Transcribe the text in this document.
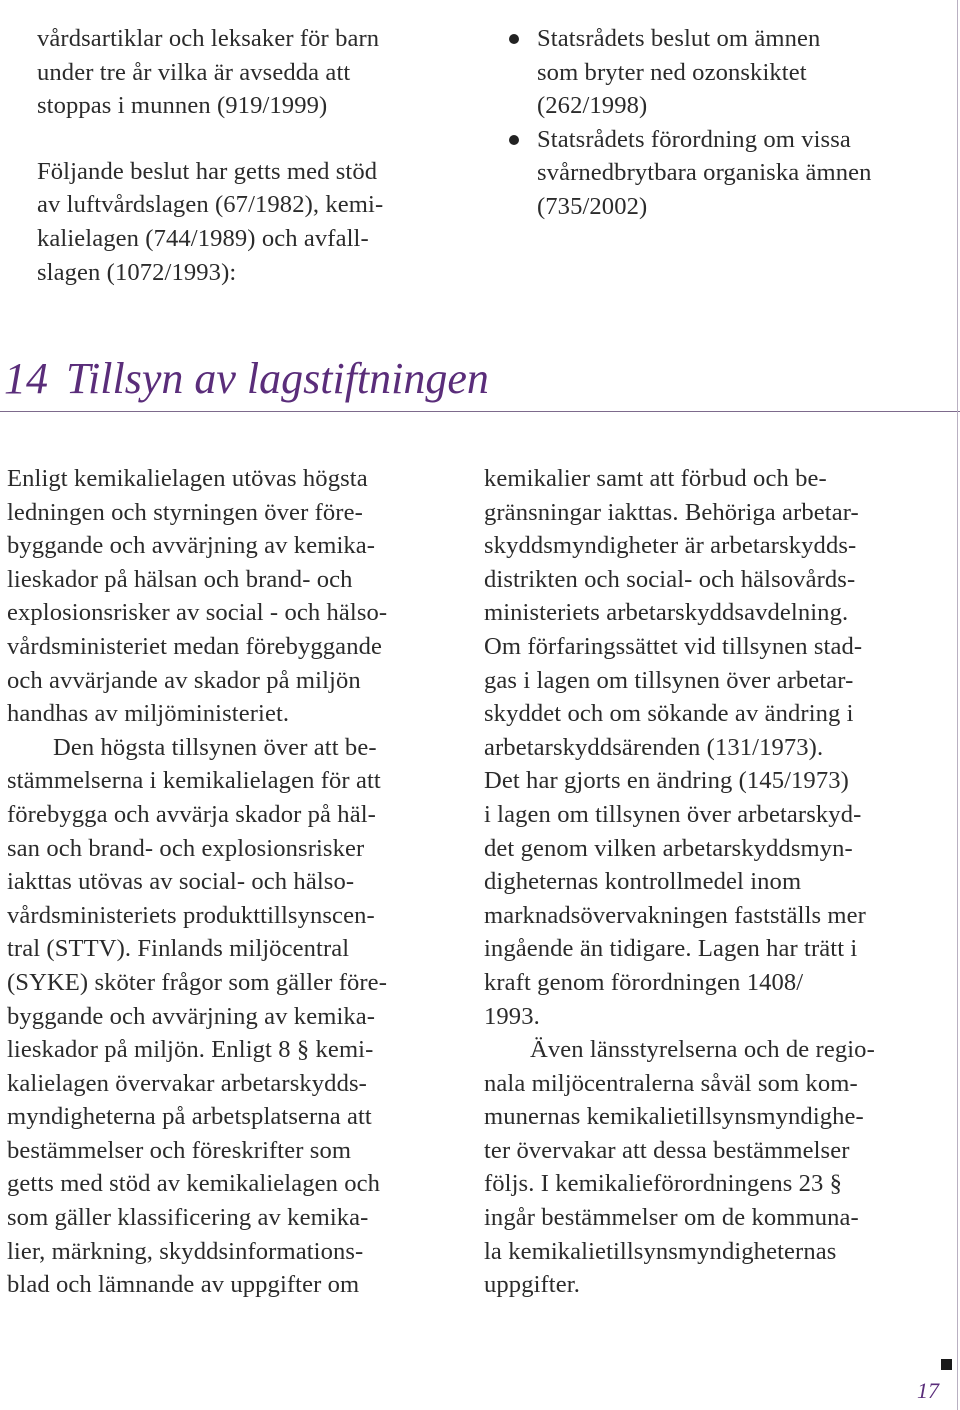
vårdsartiklar och leksaker för barn
under tre år vilka är avsedda att
stoppas i munnen (919/1999)
Följande beslut har getts med stöd
av luftvårdslagen (67/1982), kemi-
kalielagen (744/1989) och avfall-
slagen (1072/1993):
Statsrådets beslut om ämnen
som bryter ned ozonskiktet
(262/1998)
Statsrådets förordning om vissa
svårnedbrytbara organiska ämnen
(735/2002)
14 Tillsyn av lagstiftningen
Enligt kemikalielagen utövas högsta
ledningen och styrningen över före-
byggande och avvärjning av kemika-
lieskador på hälsan och brand- och
explosionsrisker av social - och hälso-
vårdsministeriet medan förebyggande
och avvärjande av skador på miljön
handhas av miljöministeriet.
Den högsta tillsynen över att be-
stämmelserna i kemikalielagen för att
förebygga och avvärja skador på häl-
san och brand- och explosionsrisker
iakttas utövas av social- och hälso-
vårdsministeriets produkttillsynscen-
tral (STTV). Finlands miljöcentral
(SYKE) sköter frågor som gäller före-
byggande och avvärjning av kemika-
lieskador på miljön. Enligt 8 § kemi-
kalielagen övervakar arbetarskydds-
myndigheterna på arbetsplatserna att
bestämmelser och föreskrifter som
getts med stöd av kemikalielagen och
som gäller klassificering av kemika-
lier, märkning, skyddsinformations-
blad och lämnande av uppgifter om
kemikalier samt att förbud och be-
gränsningar iakttas. Behöriga arbetar-
skyddsmyndigheter är arbetarskydds-
distrikten och social- och hälsovårds-
ministeriets arbetarskyddsavdelning.
Om förfaringssättet vid tillsynen stad-
gas i lagen om tillsynen över arbetar-
skyddet och om sökande av ändring i
arbetarskyddsärenden (131/1973).
Det har gjorts en ändring (145/1973)
i lagen om tillsynen över arbetarskyd-
det genom vilken arbetarskyddsmyn-
digheternas kontrollmedel inom
marknadsövervakningen fastställs mer
ingående än tidigare. Lagen har trätt i
kraft genom förordningen 1408/
1993.
Även länsstyrelserna och de regio-
nala miljöcentralerna såväl som kom-
munernas kemikalietillsynsmyndighe-
ter övervakar att dessa bestämmelser
följs. I kemikalieförordningens 23 §
ingår bestämmelser om de kommuna-
la kemikalietillsynsmyndigheternas
uppgifter.
17
